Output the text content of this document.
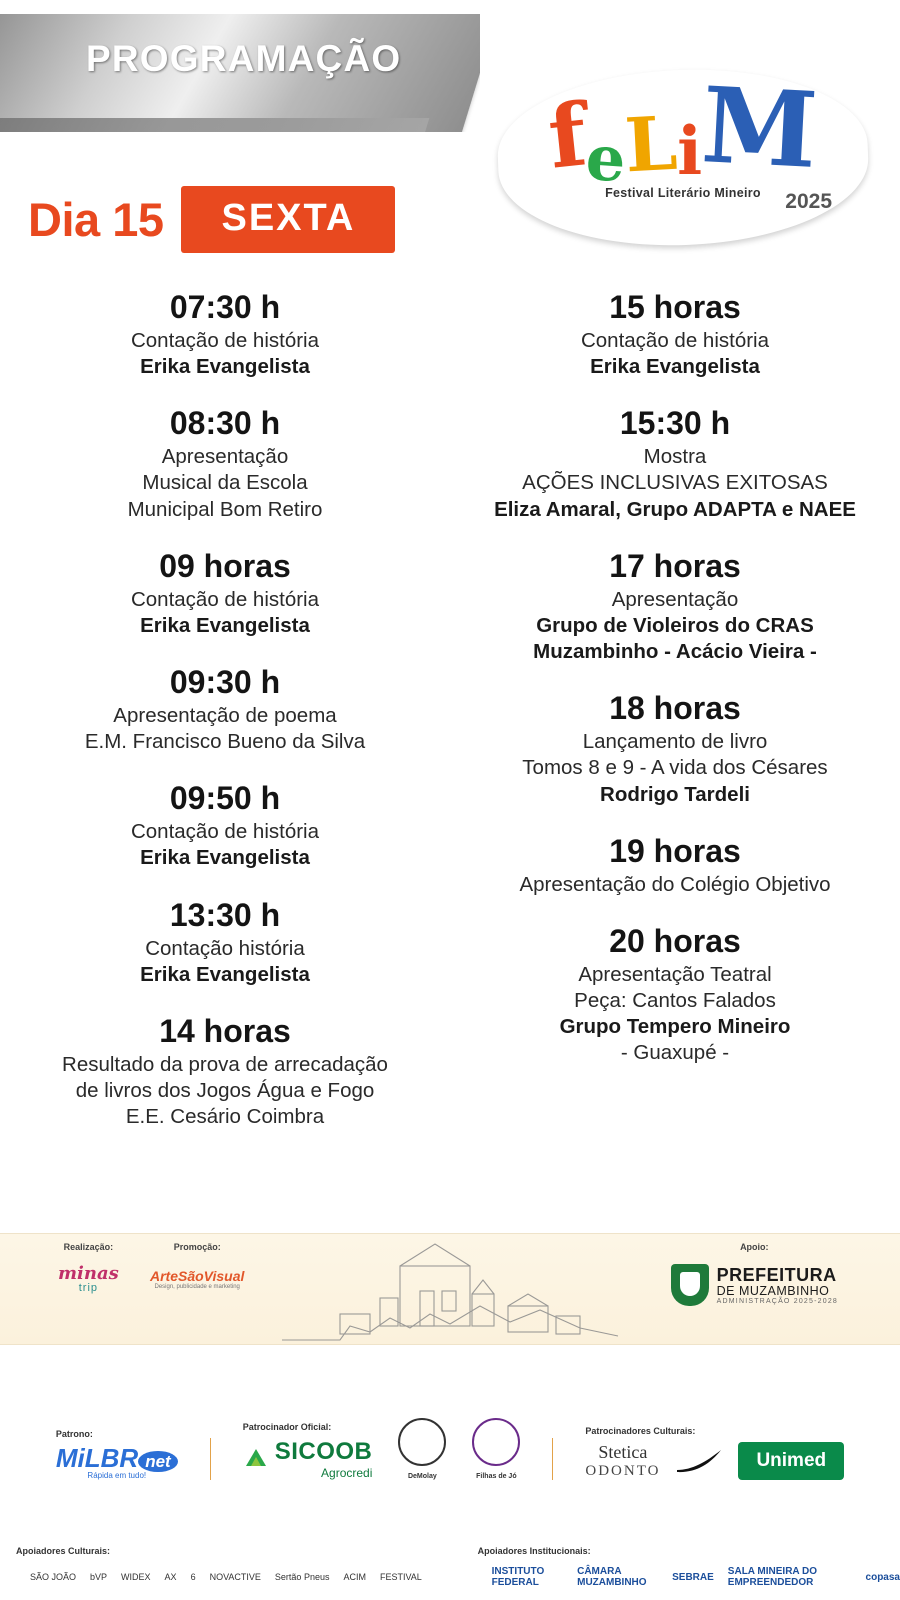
PROGRAMAÇÃO
Dia 15	SEXTA
feLiM
Festival Literário Mineiro	2025
07:30 h
Contação de história
Erika Evangelista
08:30 h
Apresentação
Musical da Escola
Municipal Bom Retiro
09 horas
Contação de história
Erika Evangelista
09:30 h
Apresentação de poema
E.M. Francisco Bueno da Silva
09:50 h
Contação de história
Erika Evangelista
13:30 h
Contação história
Erika Evangelista
14 horas
Resultado da prova de arrecadação
de livros dos Jogos Água e Fogo
E.E. Cesário Coimbra
15 horas
Contação de história
Erika Evangelista
15:30 h
Mostra
AÇÕES INCLUSIVAS EXITOSAS
Eliza Amaral, Grupo ADAPTA e NAEE
17 horas
Apresentação
Grupo de Violeiros do CRAS Muzambinho - Acácio Vieira -
18 horas
Lançamento de livro
Tomos 8 e 9 - A vida dos Césares
Rodrigo Tardeli
19 horas
Apresentação do Colégio Objetivo
20 horas
Apresentação Teatral
Peça: Cantos Falados
Grupo Tempero Mineiro
- Guaxupé -
Realização:
minas
trip
Promoção:
ArteSãoVisual
Design, publicidade e marketing
Apoio:
PREFEITURA
DE MUZAMBINHO
ADMINISTRAÇÃO 2025-2028
Patrono:
MiLBR net
Rápida em tudo!
Patrocinador Oficial:
SICOOB
Agrocredi	DeMolay	Filhas de Jó
Patrocinadores Culturais:
Stetica
ODONTO	Unimed
Apoiadores Culturais:
SÃO JOÃO bVP WIDEX AX 6 NOVACTIVE Sertão Pneus ACIM FESTIVAL
Apoiadores Institucionais:
INSTITUTO FEDERAL
CÂMARA MUZAMBINHO	SEBRAE SALA MINEIRA DO EMPREENDEDOR	copasa
